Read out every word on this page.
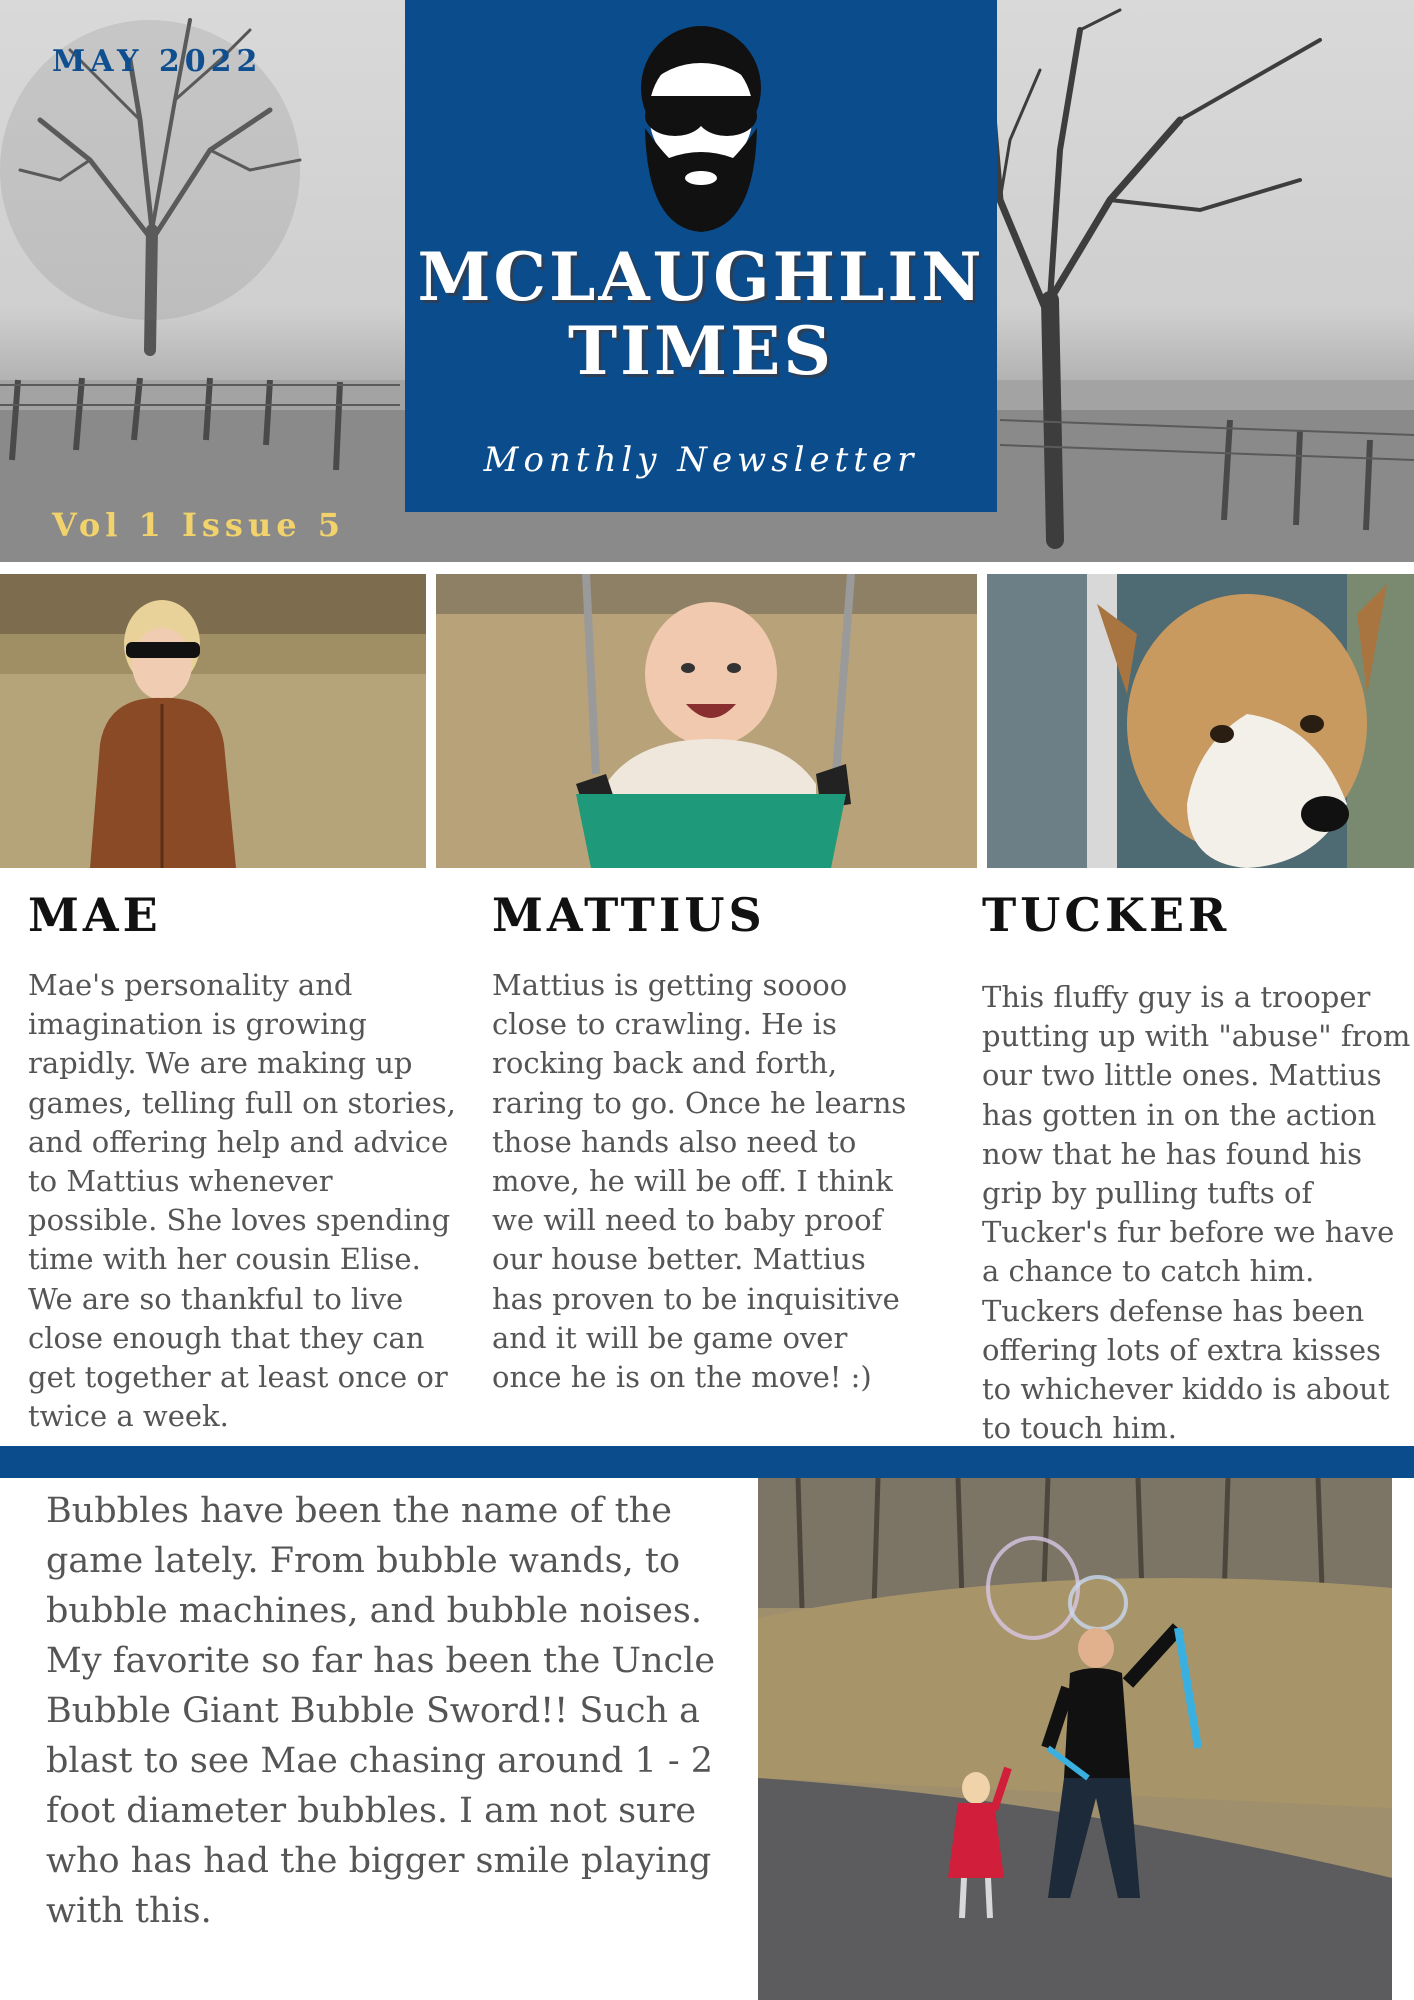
MAY 2022
Vol 1 Issue 5
MCLAUGHLIN
TIMES
Monthly Newsletter
MAE

Mae's personality and imagination is growing rapidly. We are making up games, telling full on stories, and offering help and advice to Mattius whenever possible. She loves spending time with her cousin Elise. We are so thankful to live close enough that they can get together at least once or twice a week.

MATTIUS

Mattius is getting soooo close to crawling. He is rocking back and forth, raring to go. Once he learns those hands also need to move, he will be off. I think we will need to baby proof our house better. Mattius has proven to be inquisitive and it will be game over once he is on the move! :)

TUCKER

This fluffy guy is a trooper putting up with "abuse" from our two little ones. Mattius has gotten in on the action now that he has found his grip by pulling tufts of Tucker's fur before we have a chance to catch him. Tuckers defense has been offering lots of extra kisses to whichever kiddo is about to touch him.

Bubbles have been the name of the game lately. From bubble wands, to bubble machines, and bubble noises. My favorite so far has been the Uncle Bubble Giant Bubble Sword!! Such a blast to see Mae chasing around 1 - 2 foot diameter bubbles. I am not sure who has had the bigger smile playing with this.
